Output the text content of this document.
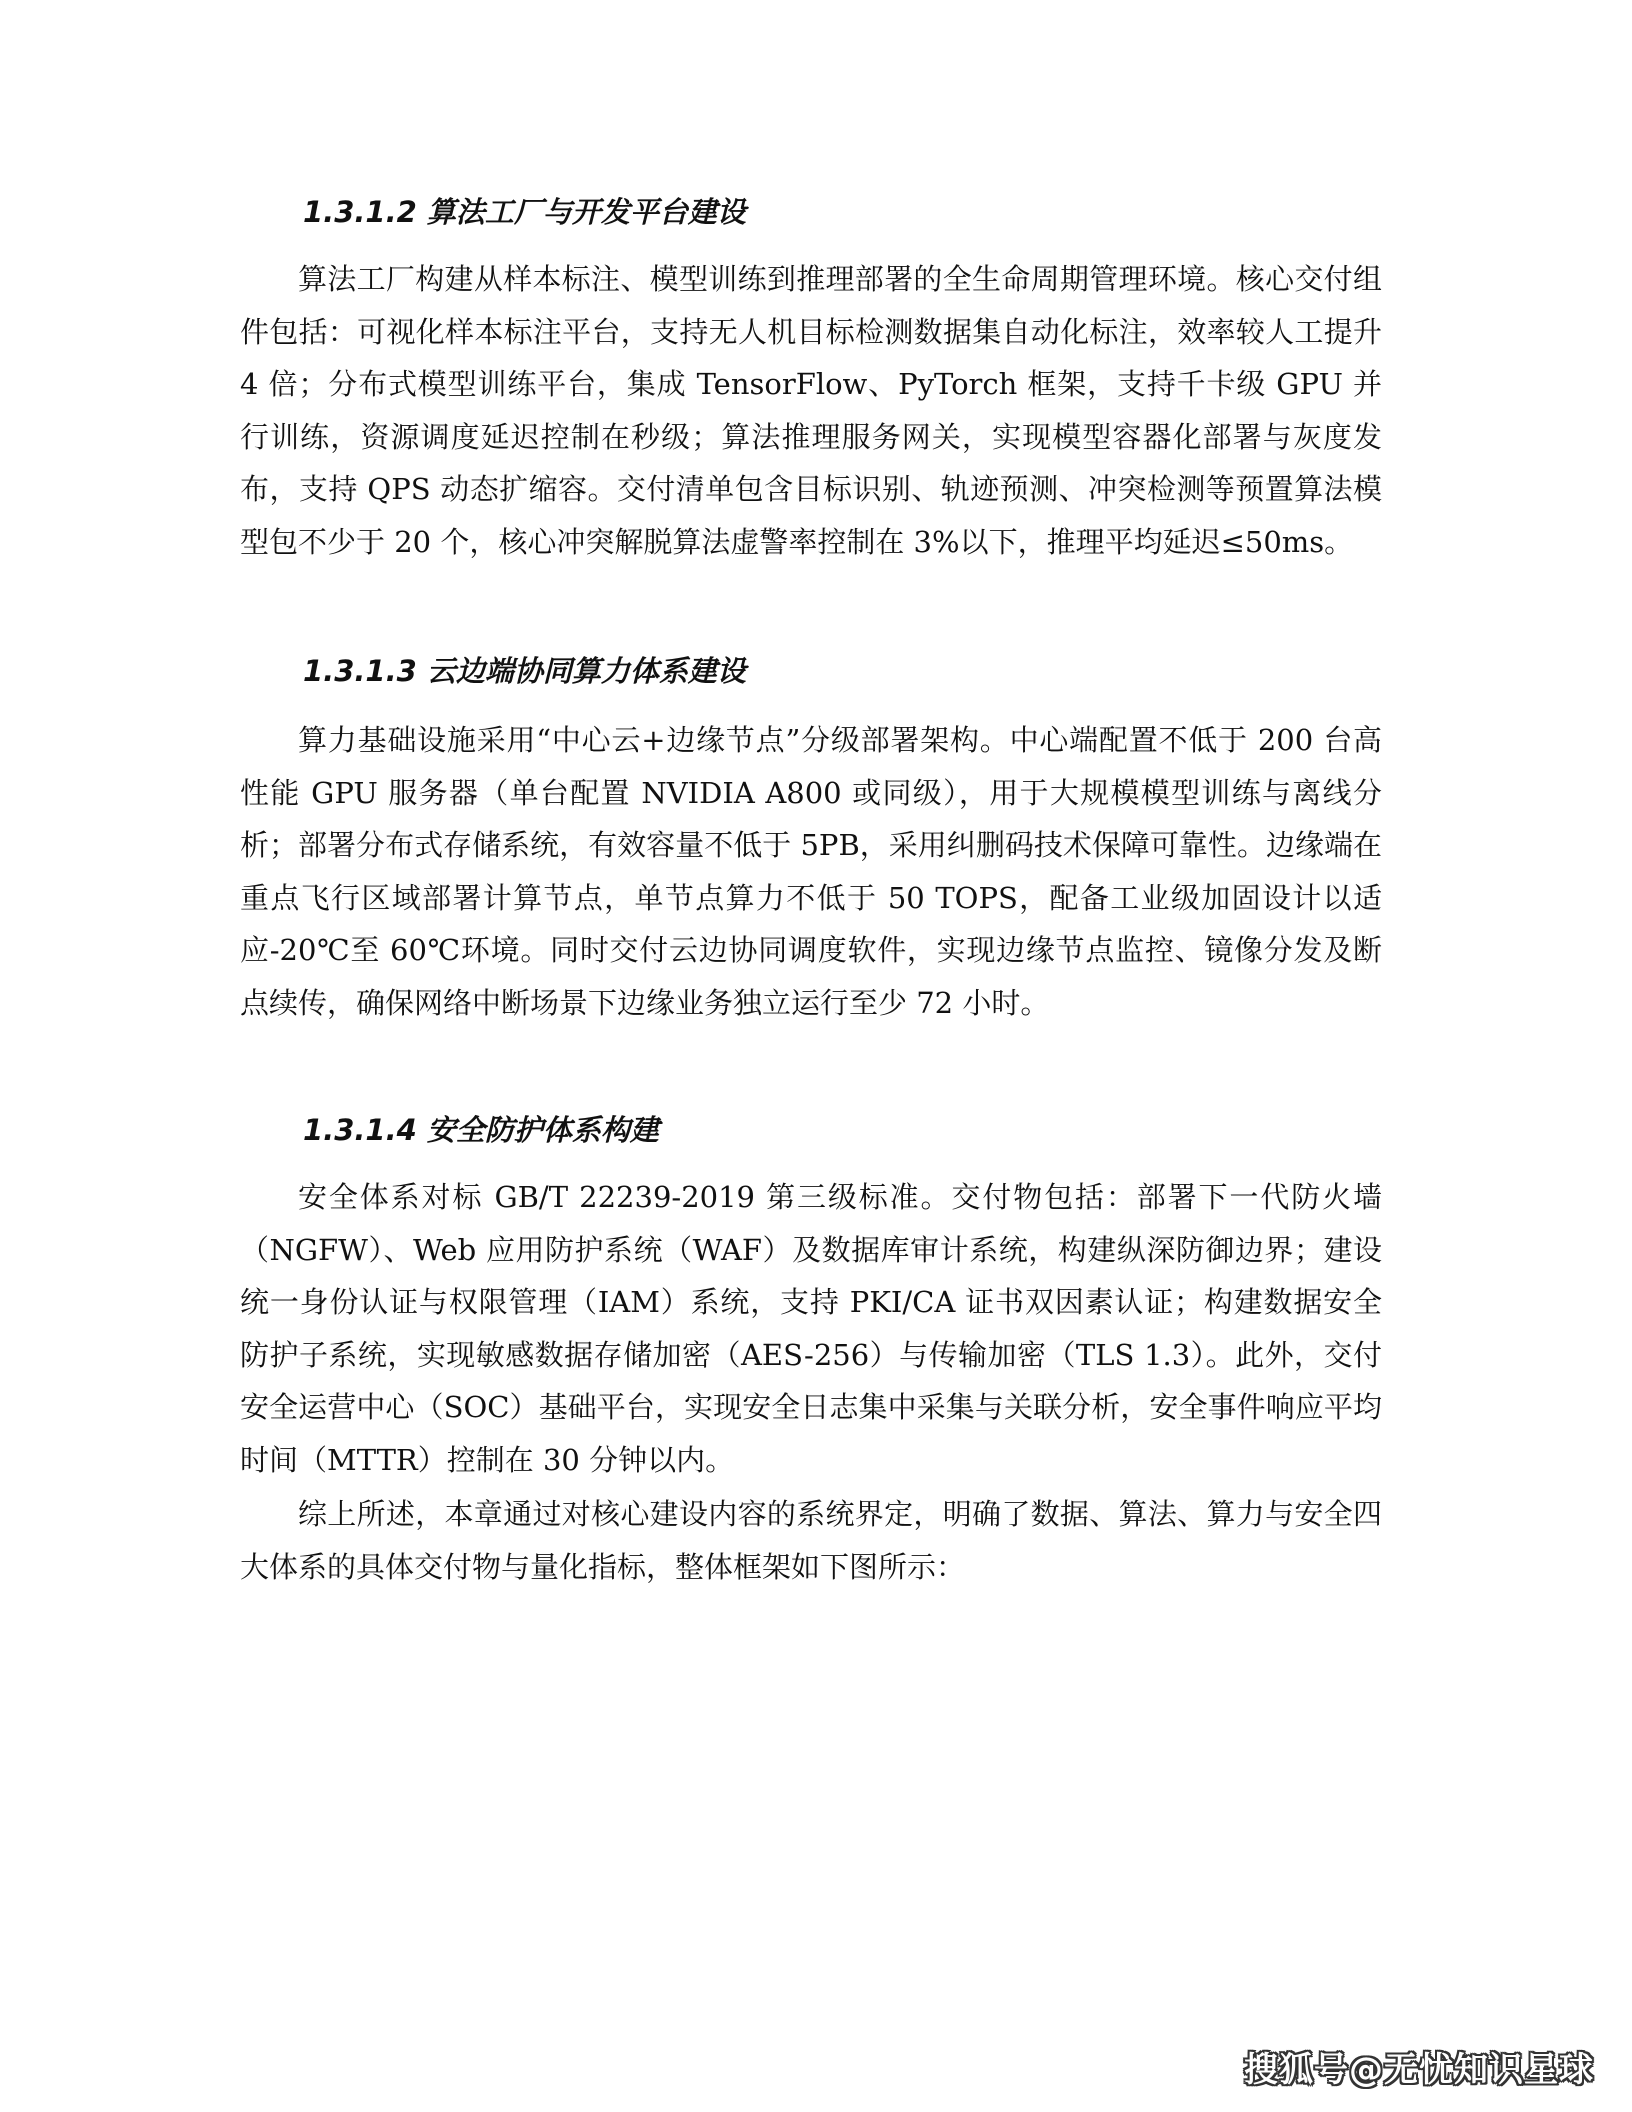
1.3.1.2 算法工厂与开发平台建设

算法工厂构建从样本标注、模型训练到推理部署的全生命周期管理环境。核心交付组件包括：可视化样本标注平台，支持无人机目标检测数据集自动化标注，效率较人工提升 4 倍；分布式模型训练平台，集成 TensorFlow、PyTorch 框架，支持千卡级 GPU 并行训练，资源调度延迟控制在秒级；算法推理服务网关，实现模型容器化部署与灰度发布，支持 QPS 动态扩缩容。交付清单包含目标识别、轨迹预测、冲突检测等预置算法模型包不少于 20 个，核心冲突解脱算法虚警率控制在 3%以下，推理平均延迟≤50ms。

1.3.1.3 云边端协同算力体系建设

算力基础设施采用“中心云+边缘节点”分级部署架构。中心端配置不低于 200 台高性能 GPU 服务器（单台配置 NVIDIA A800 或同级），用于大规模模型训练与离线分析；部署分布式存储系统，有效容量不低于 5PB，采用纠删码技术保障可靠性。边缘端在重点飞行区域部署计算节点，单节点算力不低于 50 TOPS，配备工业级加固设计以适应-20℃至 60℃环境。同时交付云边协同调度软件，实现边缘节点监控、镜像分发及断点续传，确保网络中断场景下边缘业务独立运行至少 72 小时。

1.3.1.4 安全防护体系构建

安全体系对标 GB/T 22239-2019 第三级标准。交付物包括：部署下一代防火墙（NGFW）、Web 应用防护系统（WAF）及数据库审计系统，构建纵深防御边界；建设统一身份认证与权限管理（IAM）系统，支持 PKI/CA 证书双因素认证；构建数据安全防护子系统，实现敏感数据存储加密（AES-256）与传输加密（TLS 1.3）。此外，交付安全运营中心（SOC）基础平台，实现安全日志集中采集与关联分析，安全事件响应平均时间（MTTR）控制在 30 分钟以内。

综上所述，本章通过对核心建设内容的系统界定，明确了数据、算法、算力与安全四大体系的具体交付物与量化指标，整体框架如下图所示：

搜狐号@无忧知识星球
